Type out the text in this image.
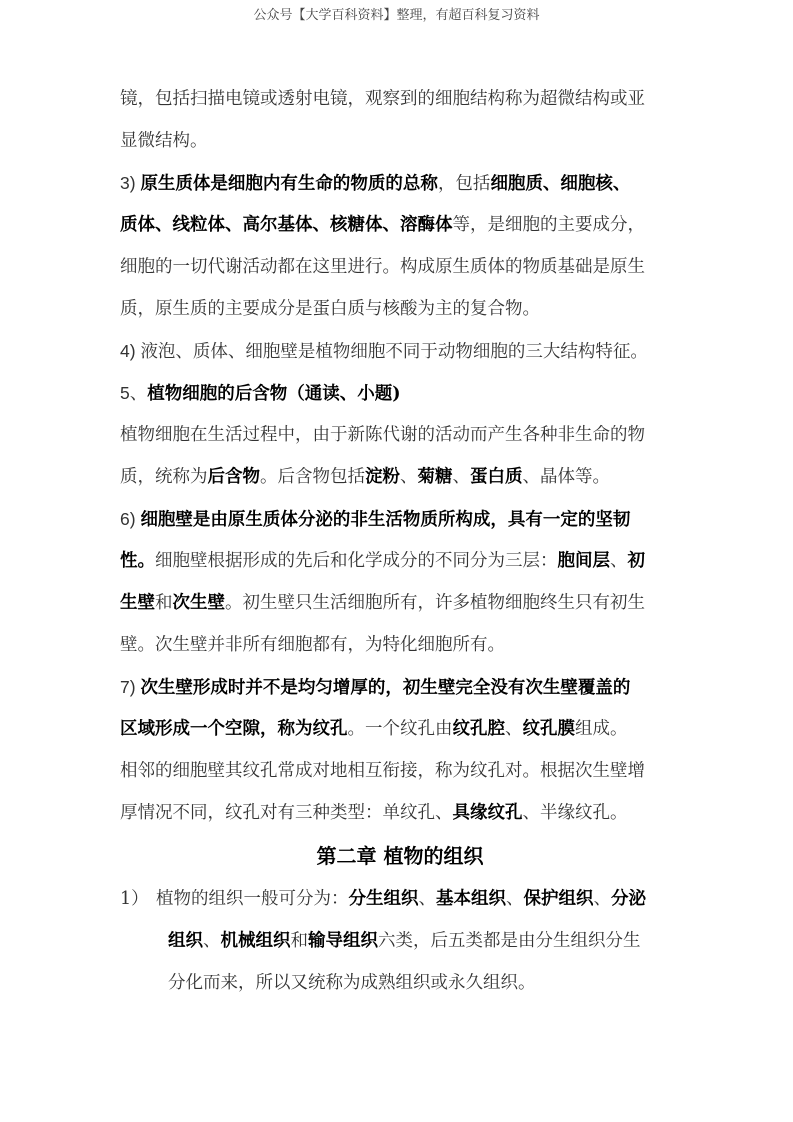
公众号【大学百科资料】整理，有超百科复习资料
镜，包括扫描电镜或透射电镜，观察到的细胞结构称为超微结构或亚
显微结构。
3) 原生质体是细胞内有生命的物质的总称，包括细胞质、细胞核、
质体、线粒体、高尔基体、核糖体、溶酶体等，是细胞的主要成分，
细胞的一切代谢活动都在这里进行。构成原生质体的物质基础是原生
质，原生质的主要成分是蛋白质与核酸为主的复合物。
4) 液泡、质体、细胞壁是植物细胞不同于动物细胞的三大结构特征。
5、植物细胞的后含物（通读、小题)
植物细胞在生活过程中，由于新陈代谢的活动而产生各种非生命的物
质，统称为后含物。后含物包括淀粉、菊糖、蛋白质、晶体等。
6) 细胞壁是由原生质体分泌的非生活物质所构成，具有一定的坚韧
性。细胞壁根据形成的先后和化学成分的不同分为三层：胞间层、初
生壁和次生壁。初生壁只生活细胞所有，许多植物细胞终生只有初生
壁。次生壁并非所有细胞都有，为特化细胞所有。
7) 次生壁形成时并不是均匀增厚的，初生壁完全没有次生壁覆盖的
区域形成一个空隙，称为纹孔。一个纹孔由纹孔腔、纹孔膜组成。
相邻的细胞壁其纹孔常成对地相互衔接，称为纹孔对。根据次生壁增
厚情况不同，纹孔对有三种类型：单纹孔、具缘纹孔、半缘纹孔。
第二章 植物的组织
1） 植物的组织一般可分为：分生组织、基本组织、保护组织、分泌
组织、机械组织和输导组织六类，后五类都是由分生组织分生
分化而来，所以又统称为成熟组织或永久组织。
